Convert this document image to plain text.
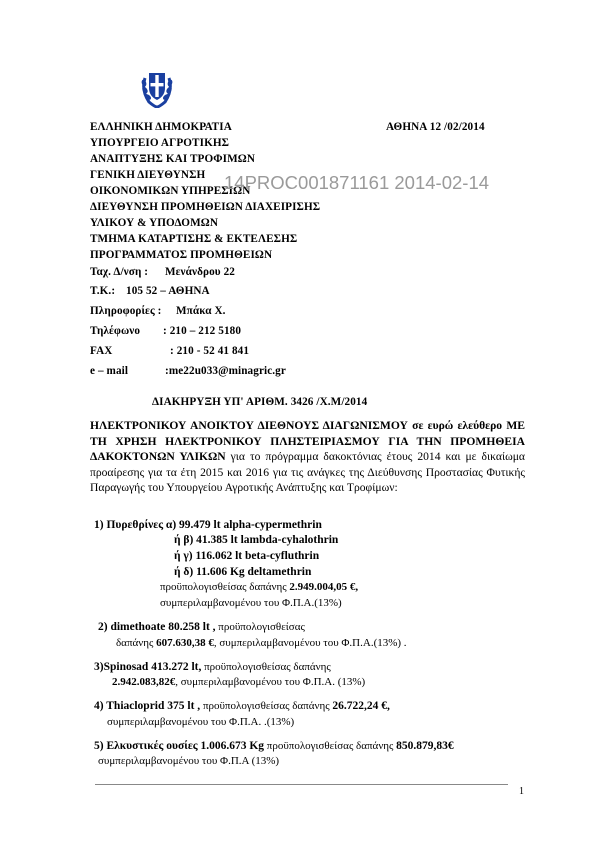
ΕΛΛΗΝΙΚΗ ΔΗΜΟΚΡΑΤΙΑ	ΑΘΗΝΑ 12 /02/2014
ΥΠΟΥΡΓΕΙΟ ΑΓΡΟΤΙΚΗΣ
ΑΝΑΠΤΥΞΗΣ ΚΑΙ ΤΡΟΦΙΜΩΝ
ΓΕΝΙΚΗ ΔΙΕΥΘΥΝΣΗ
ΟΙΚΟΝΟΜΙΚΩΝ ΥΠΗΡΕΣΙΩΝ
ΔΙΕΥΘΥΝΣΗ ΠΡΟΜΗΘΕΙΩΝ ΔΙΑΧΕΙΡΙΣΗΣ
ΥΛΙΚΟΥ & ΥΠΟΔΟΜΩΝ
ΤΜΗΜΑ ΚΑΤΑΡΤΙΣΗΣ & ΕΚΤΕΛΕΣΗΣ
ΠΡΟΓΡΑΜΜΑΤΟΣ ΠΡΟΜΗΘΕΙΩΝ
14PROC001871161 2014-02-14
Ταχ. Δ/νση : Μενάνδρου 22
Τ.Κ.: 105 52 – ΑΘΗΝΑ
Πληροφορίες : Μπάκα Χ.
Τηλέφωνο : 210 – 212 5180
FAX	: 210 - 52 41 841
e – mail	:me22u033@minagric.gr
ΔΙΑΚΗΡΥΞΗ ΥΠ' ΑΡΙΘΜ. 3426 /Χ.Μ/2014
ΗΛΕΚΤΡΟΝΙΚΟΥ ΑΝΟΙΚΤΟΥ ΔΙΕΘΝΟΥΣ ΔΙΑΓΩΝΙΣΜΟΥ σε ευρώ ελεύθερο ΜΕ ΤΗ ΧΡΗΣΗ ΗΛΕΚΤΡΟΝΙΚΟΥ ΠΛΗΣΤΕΙΡΙΑΣΜΟΥ ΓΙΑ ΤΗΝ ΠΡΟΜΗΘΕΙΑ ΔΑΚΟΚΤΟΝΩΝ ΥΛΙΚΩΝ για το πρόγραμμα δακοκτόνιας έτους 2014 και με δικαίωμα προαίρεσης για τα έτη 2015 και 2016 για τις ανάγκες της Διεύθυνσης Προστασίας Φυτικής Παραγωγής του Υπουργείου Αγροτικής Ανάπτυξης και Τροφίμων:
1) Πυρεθρίνες α) 99.479 lt alpha-cypermethrin
ή β) 41.385 lt lambda-cyhalothrin
ή γ) 116.062 lt beta-cyfluthrin
ή δ) 11.606 Kg deltamethrin
προϋπολογισθείσας δαπάνης 2.949.004,05 €,
συμπεριλαμβανομένου του Φ.Π.Α.(13%)
2) dimethoate 80.258 lt , προϋπολογισθείσας
δαπάνης 607.630,38 €, συμπεριλαμβανομένου του Φ.Π.Α.(13%) .
3)Spinosad 413.272 lt, προϋπολογισθείσας δαπάνης
2.942.083,82€, συμπεριλαμβανομένου του Φ.Π.Α. (13%)
4) Thiacloprid 375 lt , προϋπολογισθείσας δαπάνης 26.722,24 €,
συμπεριλαμβανομένου του Φ.Π.Α. .(13%)
5) Ελκυστικές ουσίες 1.006.673 Kg προϋπολογισθείσας δαπάνης 850.879,83€
συμπεριλαμβανομένου του Φ.Π.Α (13%)
1
